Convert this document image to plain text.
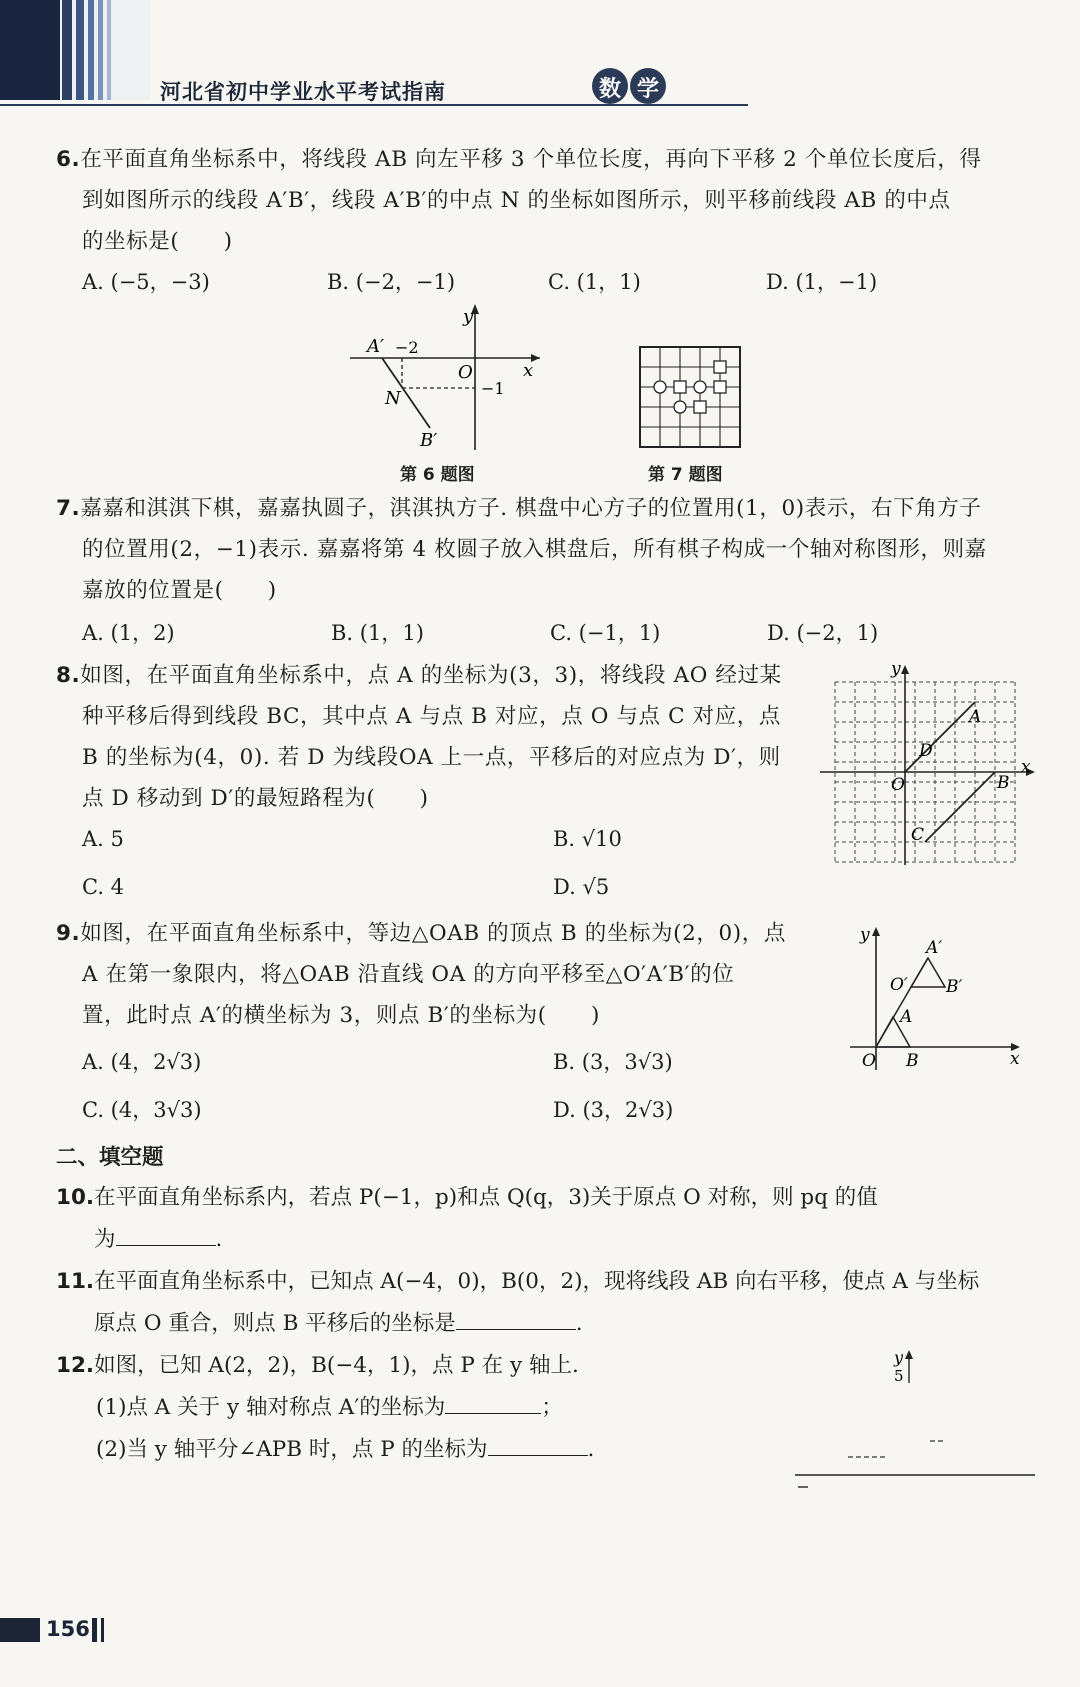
河北省初中学业水平考试指南	数 学
6.在平面直角坐标系中，将线段 AB 向左平移 3 个单位长度，再向下平移 2 个单位长度后，得
到如图所示的线段 A′B′，线段 A′B′的中点 N 的坐标如图所示，则平移前线段 AB 的中点
的坐标是(　　)
A. (−5，−3)	B. (−2，−1)	C. (1，1)	D. (1，−1)
y
x
O
A′ −2
−1
N
B′
第 6 题图	第 7 题图
7.嘉嘉和淇淇下棋，嘉嘉执圆子，淇淇执方子. 棋盘中心方子的位置用(1，0)表示，右下角方子
的位置用(2，−1)表示. 嘉嘉将第 4 枚圆子放入棋盘后，所有棋子构成一个轴对称图形，则嘉
嘉放的位置是(　　)
A. (1，2)	B. (1，1)	C. (−1，1)	D. (−2，1)
8.如图，在平面直角坐标系中，点 A 的坐标为(3，3)，将线段 AO 经过某
种平移后得到线段 BC，其中点 A 与点 B 对应，点 O 与点 C 对应，点
B 的坐标为(4，0). 若 D 为线段OA 上一点，平移后的对应点为 D′，则
点 D 移动到 D′的最短路程为(　　)
A. 5	B. √10
C. 4	D. √5
y
x
A
D
O	B
C
9.如图，在平面直角坐标系中，等边△OAB 的顶点 B 的坐标为(2，0)，点
A 在第一象限内，将△OAB 沿直线 OA 的方向平移至△O′A′B′的位
置，此时点 A′的横坐标为 3，则点 B′的坐标为(　　)
A. (4，2√3)	B. (3，3√3)
C. (4，3√3)	D. (3，2√3)
y
x
A′
O′ B′
A
O B
二、填空题
10.在平面直角坐标系内，若点 P(−1，p)和点 Q(q，3)关于原点 O 对称，则 pq 的值
为	.
11.在平面直角坐标系中，已知点 A(−4，0)，B(0，2)，现将线段 AB 向右平移，使点 A 与坐标
原点 O 重合，则点 B 平移后的坐标是	.
12.如图，已知 A(2，2)，B(−4，1)，点 P 在 y 轴上.
(1)点 A 关于 y 轴对称点 A′的坐标为	；
(2)当 y 轴平分∠APB 时，点 P 的坐标为	.
y
5
156
